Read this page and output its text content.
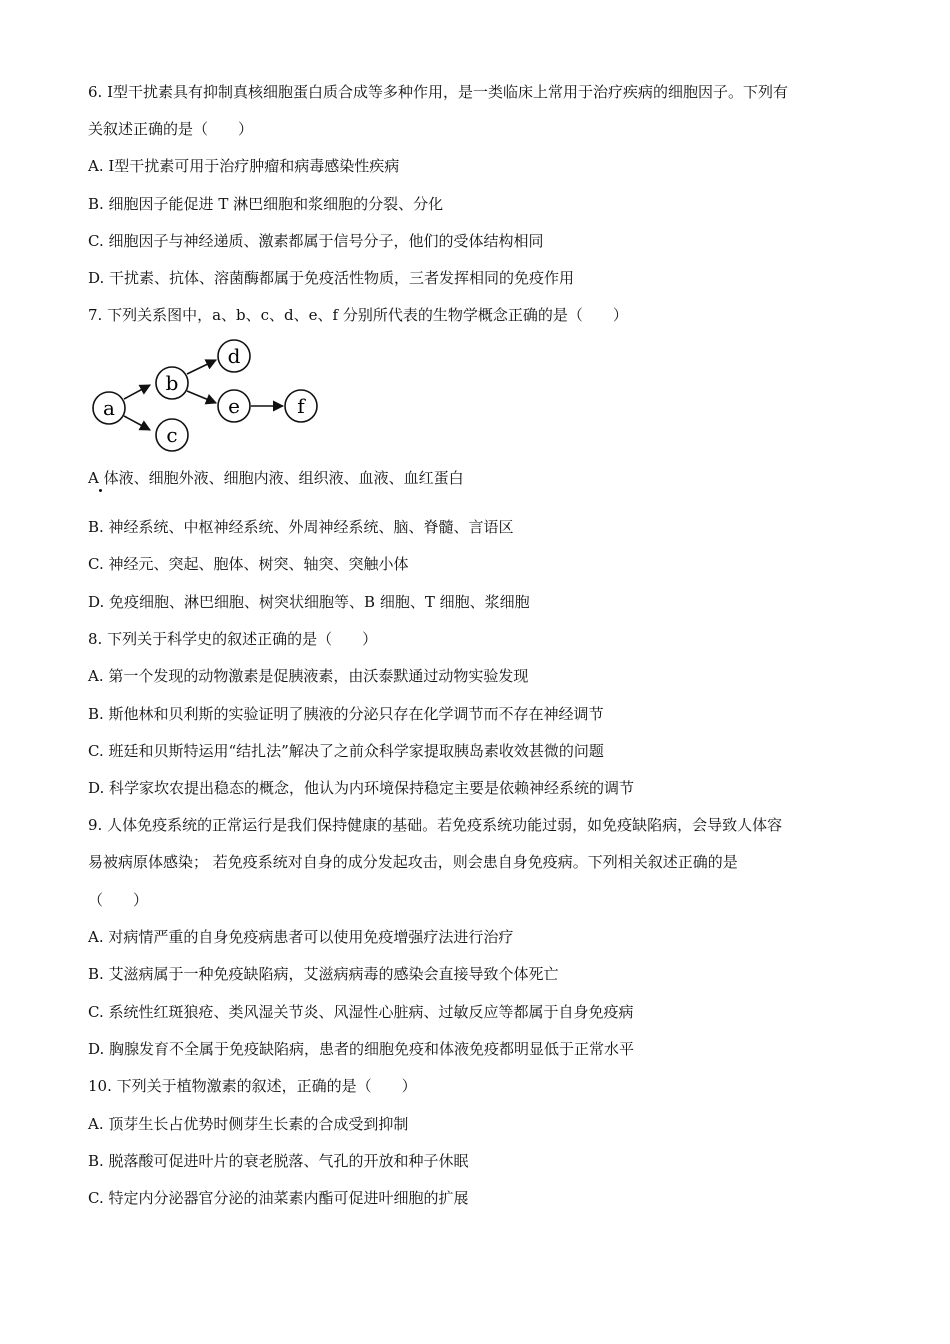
6. I型干扰素具有抑制真核细胞蛋白质合成等多种作用，是一类临床上常用于治疗疾病的细胞因子。下列有
关叙述正确的是（　　）
A. I型干扰素可用于治疗肿瘤和病毒感染性疾病
B. 细胞因子能促进 T 淋巴细胞和浆细胞的分裂、分化
C. 细胞因子与神经递质、激素都属于信号分子，他们的受体结构相同
D. 干扰素、抗体、溶菌酶都属于免疫活性物质，三者发挥相同的免疫作用
7. 下列关系图中，a、b、c、d、e、f 分别所代表的生物学概念正确的是（　　）
a
b
c
d
e	f
A 体液、细胞外液、细胞内液、组织液、血液、血红蛋白
B. 神经系统、中枢神经系统、外周神经系统、脑、脊髓、言语区
C. 神经元、突起、胞体、树突、轴突、突触小体
D. 免疫细胞、淋巴细胞、树突状细胞等、B 细胞、T 细胞、浆细胞
8. 下列关于科学史的叙述正确的是（　　）
A. 第一个发现的动物激素是促胰液素，由沃泰默通过动物实验发现
B. 斯他林和贝利斯的实验证明了胰液的分泌只存在化学调节而不存在神经调节
C. 班廷和贝斯特运用“结扎法”解决了之前众科学家提取胰岛素收效甚微的问题
D. 科学家坎农提出稳态的概念，他认为内环境保持稳定主要是依赖神经系统的调节
9. 人体免疫系统的正常运行是我们保持健康的基础。若免疫系统功能过弱，如免疫缺陷病，会导致人体容
易被病原体感染； 若免疫系统对自身的成分发起攻击，则会患自身免疫病。下列相关叙述正确的是
（　　）
A. 对病情严重的自身免疫病患者可以使用免疫增强疗法进行治疗
B. 艾滋病属于一种免疫缺陷病，艾滋病病毒的感染会直接导致个体死亡
C. 系统性红斑狼疮、类风湿关节炎、风湿性心脏病、过敏反应等都属于自身免疫病
D. 胸腺发育不全属于免疫缺陷病，患者的细胞免疫和体液免疫都明显低于正常水平
10. 下列关于植物激素的叙述，正确的是（　　）
A. 顶芽生长占优势时侧芽生长素的合成受到抑制
B. 脱落酸可促进叶片的衰老脱落、气孔的开放和种子休眠
C. 特定内分泌器官分泌的油菜素内酯可促进叶细胞的扩展
